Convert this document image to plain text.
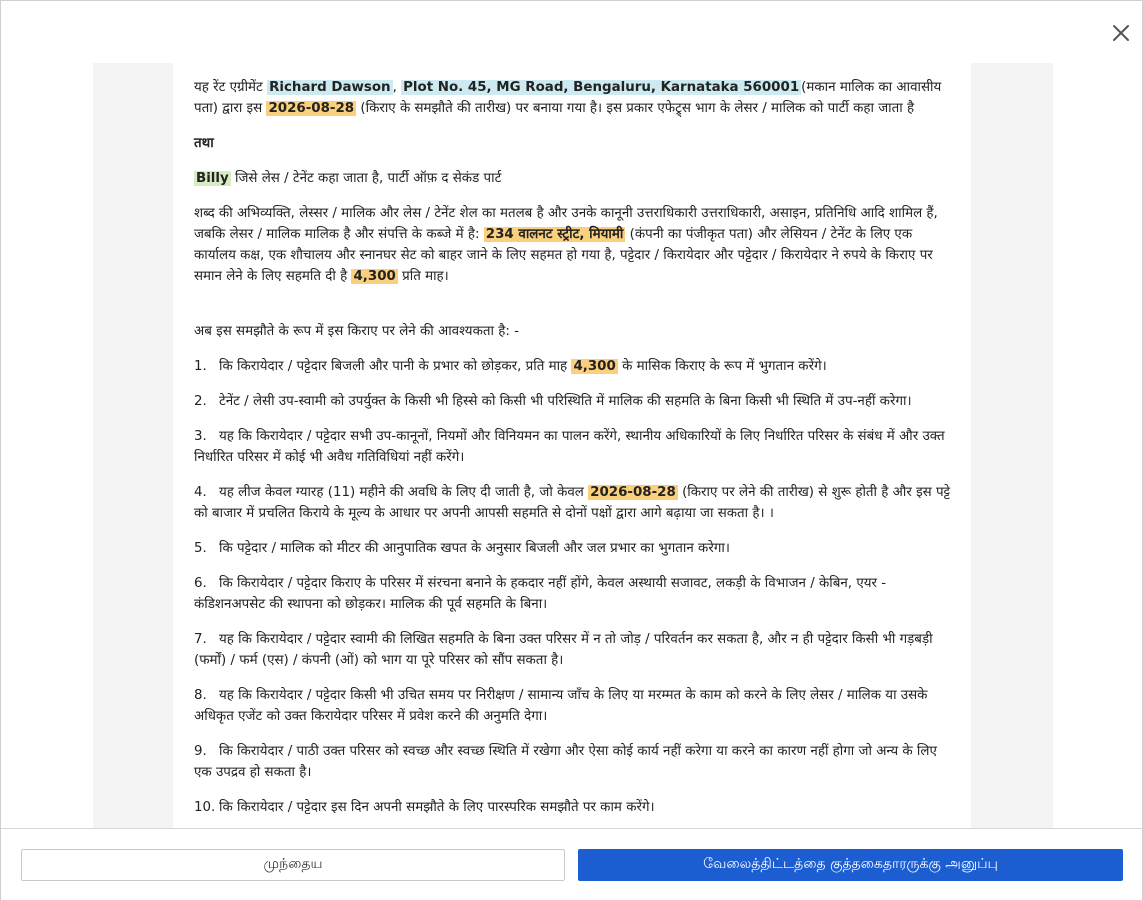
यह रेंट एग्रीमेंट Richard Dawson , Plot No. 45, MG Road, Bengaluru, Karnataka 560001 (मकान मालिक का आवासीय पता) द्वारा इस 2026-08-28 (किराए के समझौते की तारीख) पर बनाया गया है। इस प्रकार एफेट्र्स भाग के लेसर / मालिक को पार्टी कहा जाता है

तथा

Billy जिसे लेस / टेनेंट कहा जाता है, पार्टी ऑफ़ द सेकंड पार्ट

शब्द की अभिव्यक्ति, लेस्सर / मालिक और लेस / टेनेंट शेल का मतलब है और उनके कानूनी उत्तराधिकारी उत्तराधिकारी, असाइन, प्रतिनिधि आदि शामिल हैं, जबकि लेसर / मालिक मालिक है और संपत्ति के कब्जे में है: 234 वालनट स्ट्रीट, मियामी (कंपनी का पंजीकृत पता) और लेसियन / टेनेंट के लिए एक कार्यालय कक्ष, एक शौचालय और स्नानघर सेट को बाहर जाने के लिए सहमत हो गया है, पट्टेदार / किरायेदार और पट्टेदार / किरायेदार ने रुपये के किराए पर समान लेने के लिए सहमति दी है 4,300 प्रति माह।

अब इस समझौते के रूप में इस किराए पर लेने की आवश्यकता है: -

1. कि किरायेदार / पट्टेदार बिजली और पानी के प्रभार को छोड़कर, प्रति माह 4,300 के मासिक किराए के रूप में भुगतान करेंगे।

2. टेनेंट / लेसी उप-स्वामी को उपर्युक्त के किसी भी हिस्से को किसी भी परिस्थिति में मालिक की सहमति के बिना किसी भी स्थिति में उप-नहीं करेगा।

3. यह कि किरायेदार / पट्टेदार सभी उप-कानूनों, नियमों और विनियमन का पालन करेंगे, स्थानीय अधिकारियों के लिए निर्धारित परिसर के संबंध में और उक्त निर्धारित परिसर में कोई भी अवैध गतिविधियां नहीं करेंगे।

4. यह लीज केवल ग्यारह (11) महीने की अवधि के लिए दी जाती है, जो केवल 2026-08-28 (किराए पर लेने की तारीख) से शुरू होती है और इस पट्टे को बाजार में प्रचलित किराये के मूल्य के आधार पर अपनी आपसी सहमति से दोनों पक्षों द्वारा आगे बढ़ाया जा सकता है। ।

5. कि पट्टेदार / मालिक को मीटर की आनुपातिक खपत के अनुसार बिजली और जल प्रभार का भुगतान करेगा।

6. कि किरायेदार / पट्टेदार किराए के परिसर में संरचना बनाने के हकदार नहीं होंगे, केवल अस्थायी सजावट, लकड़ी के विभाजन / केबिन, एयर - कंडिशनअपसेट की स्थापना को छोड़कर। मालिक की पूर्व सहमति के बिना।

7. यह कि किरायेदार / पट्टेदार स्वामी की लिखित सहमति के बिना उक्त परिसर में न तो जोड़ / परिवर्तन कर सकता है, और न ही पट्टेदार किसी भी गड़बड़ी (फर्मों) / फर्म (एस) / कंपनी (ओं) को भाग या पूरे परिसर को सौंप सकता है।

8. यह कि किरायेदार / पट्टेदार किसी भी उचित समय पर निरीक्षण / सामान्य जाँच के लिए या मरम्मत के काम को करने के लिए लेसर / मालिक या उसके अधिकृत एजेंट को उक्त किरायेदार परिसर में प्रवेश करने की अनुमति देगा।

9. कि किरायेदार / पाठी उक्त परिसर को स्वच्छ और स्वच्छ स्थिति में रखेगा और ऐसा कोई कार्य नहीं करेगा या करने का कारण नहीं होगा जो अन्य के लिए एक उपद्रव हो सकता है।

10. कि किरायेदार / पट्टेदार इस दिन अपनी समझौते के लिए पारस्परिक समझौते पर काम करेंगे।

முந்தைய	வேலைத்திட்டத்தை குத்தகைதாரருக்கு அனுப்பு
